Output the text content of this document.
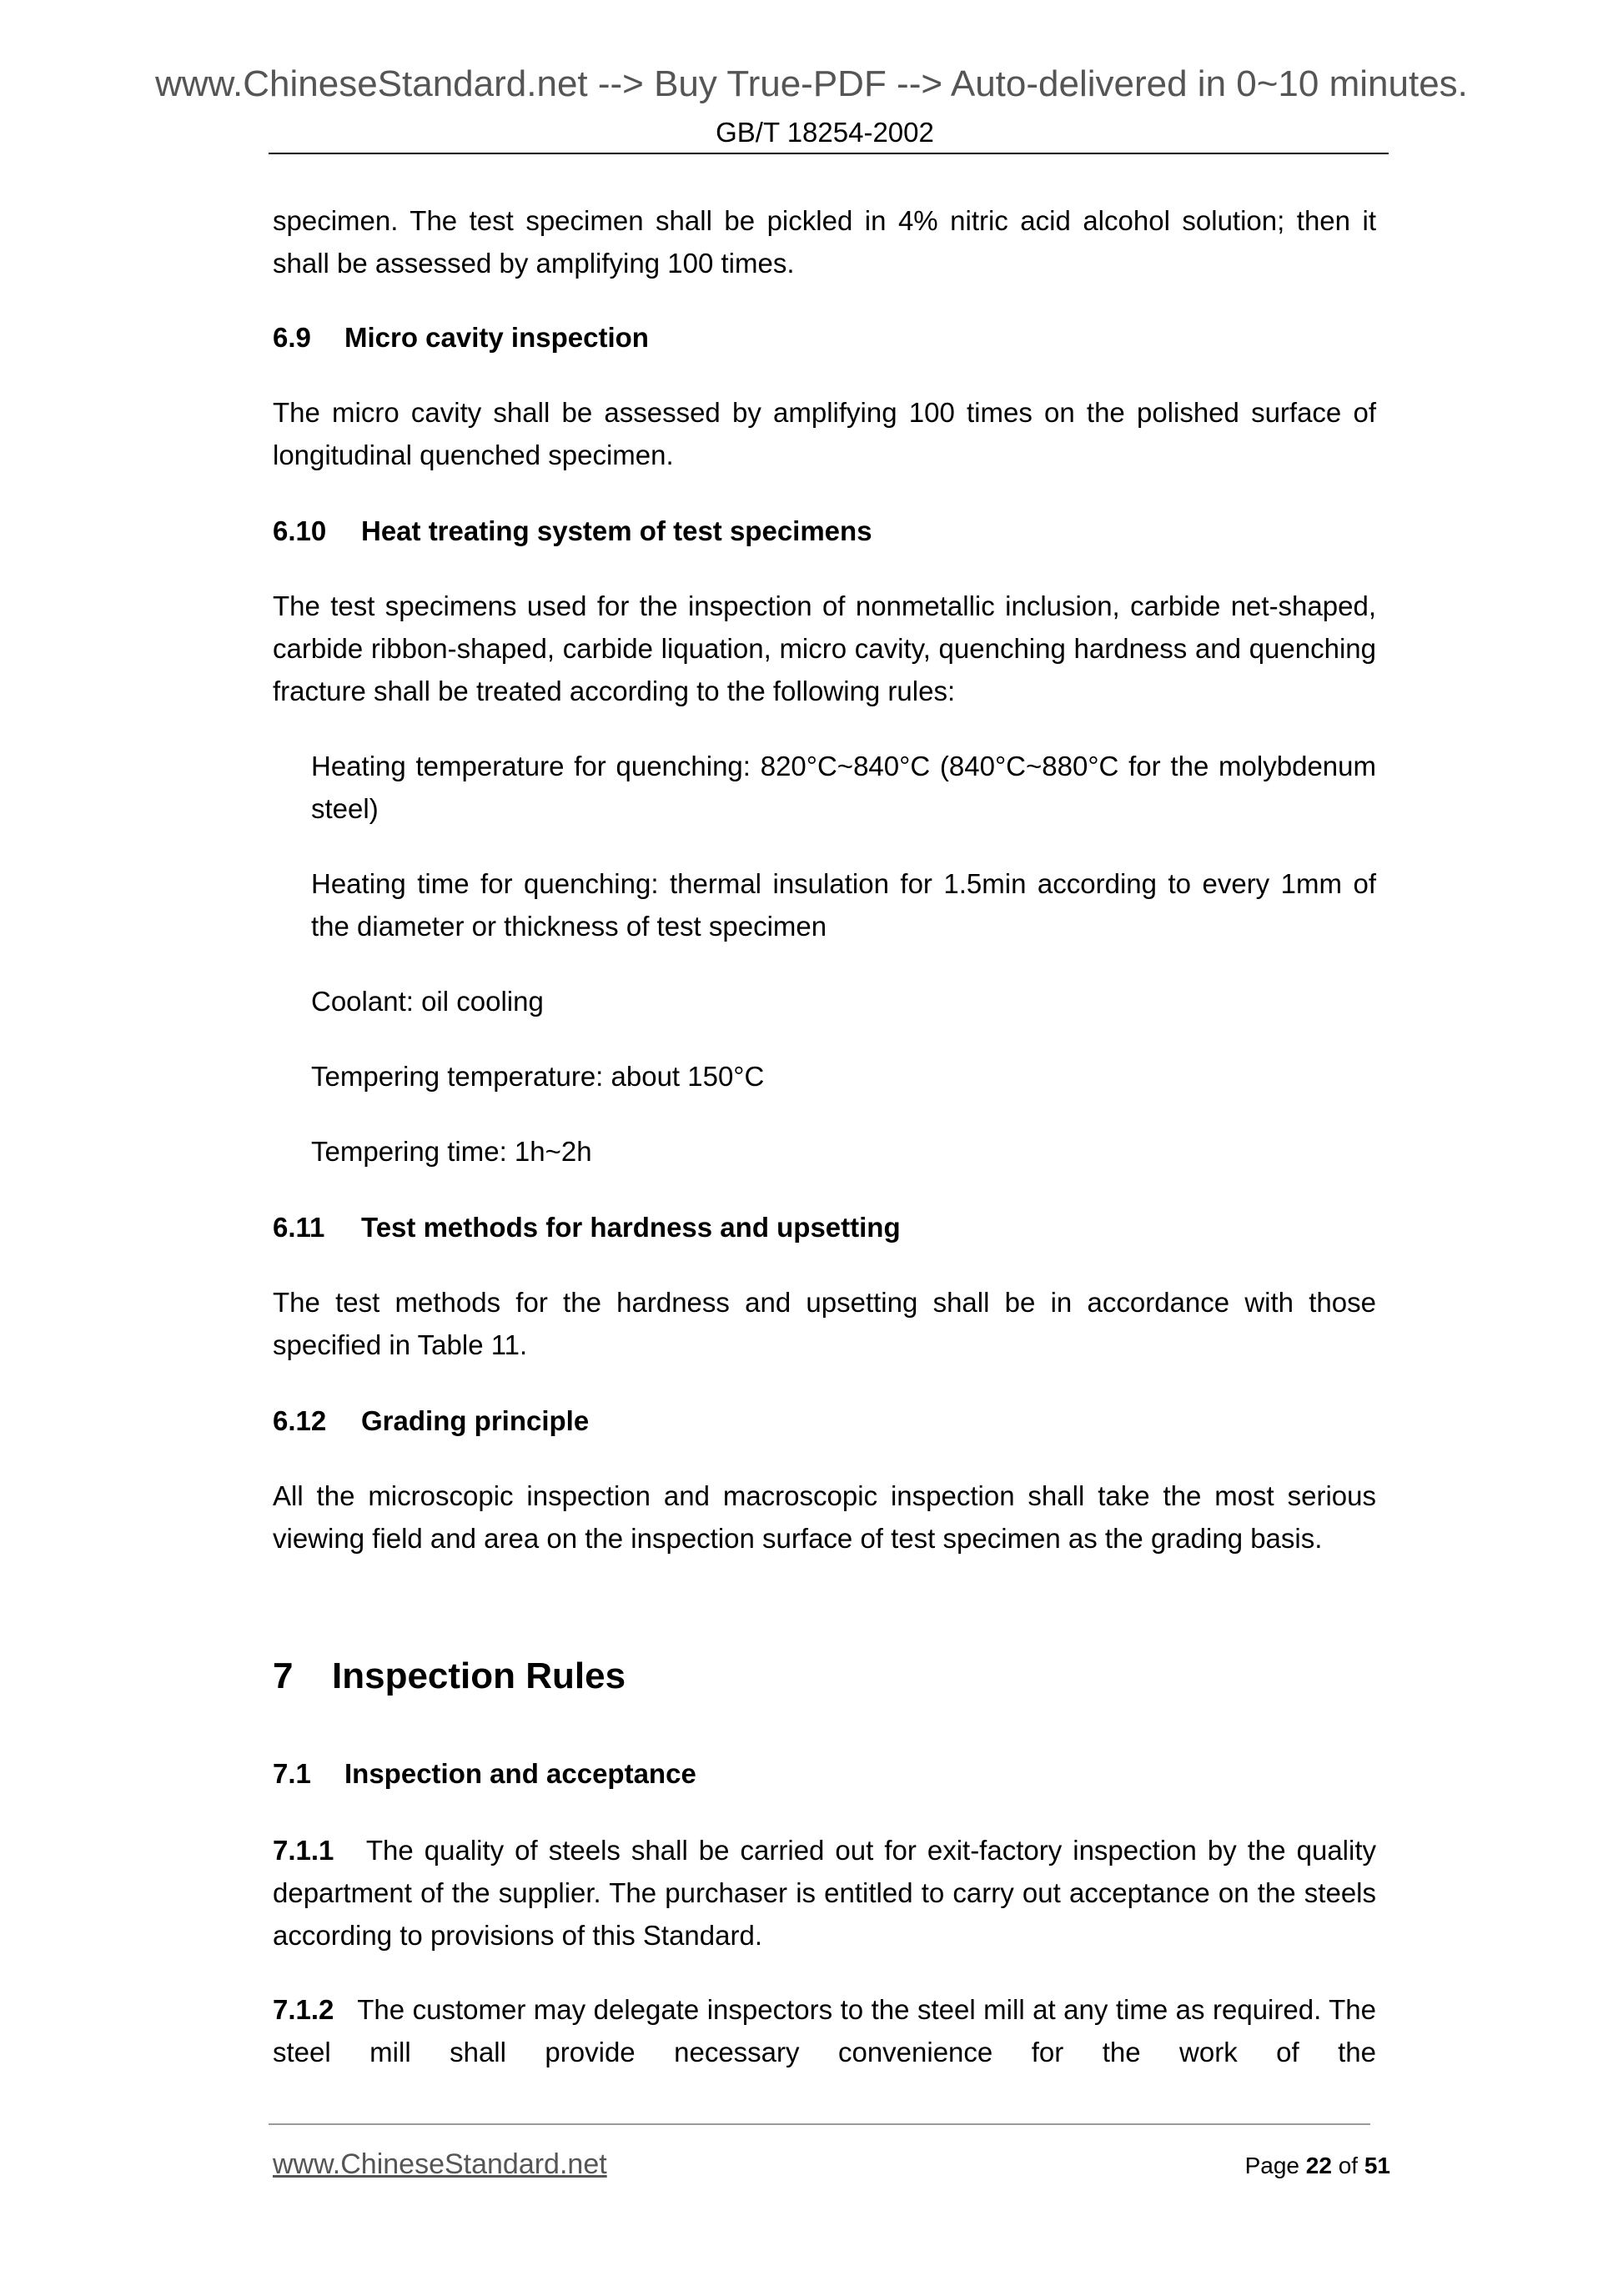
www.ChineseStandard.net --> Buy True-PDF --> Auto-delivered in 0~10 minutes.
GB/T 18254-2002

specimen. The test specimen shall be pickled in 4% nitric acid alcohol solution; then it shall be assessed by amplifying 100 times.

6.9 Micro cavity inspection

The micro cavity shall be assessed by amplifying 100 times on the polished surface of longitudinal quenched specimen.

6.10 Heat treating system of test specimens

The test specimens used for the inspection of nonmetallic inclusion, carbide net-shaped, carbide ribbon-shaped, carbide liquation, micro cavity, quenching hardness and quenching fracture shall be treated according to the following rules:

Heating temperature for quenching: 820°C~840°C (840°C~880°C for the molybdenum steel)

Heating time for quenching: thermal insulation for 1.5min according to every 1mm of the diameter or thickness of test specimen

Coolant: oil cooling

Tempering temperature: about 150°C

Tempering time: 1h~2h

6.11 Test methods for hardness and upsetting

The test methods for the hardness and upsetting shall be in accordance with those specified in Table 11.

6.12 Grading principle

All the microscopic inspection and macroscopic inspection shall take the most serious viewing field and area on the inspection surface of test specimen as the grading basis.

7 Inspection Rules
7.1 Inspection and acceptance

7.1.1 The quality of steels shall be carried out for exit-factory inspection by the quality department of the supplier. The purchaser is entitled to carry out acceptance on the steels according to provisions of this Standard.

7.1.2 The customer may delegate inspectors to the steel mill at any time as required. The steel mill shall provide necessary convenience for the work of the

www.ChineseStandard.net	Page 22 of 51
